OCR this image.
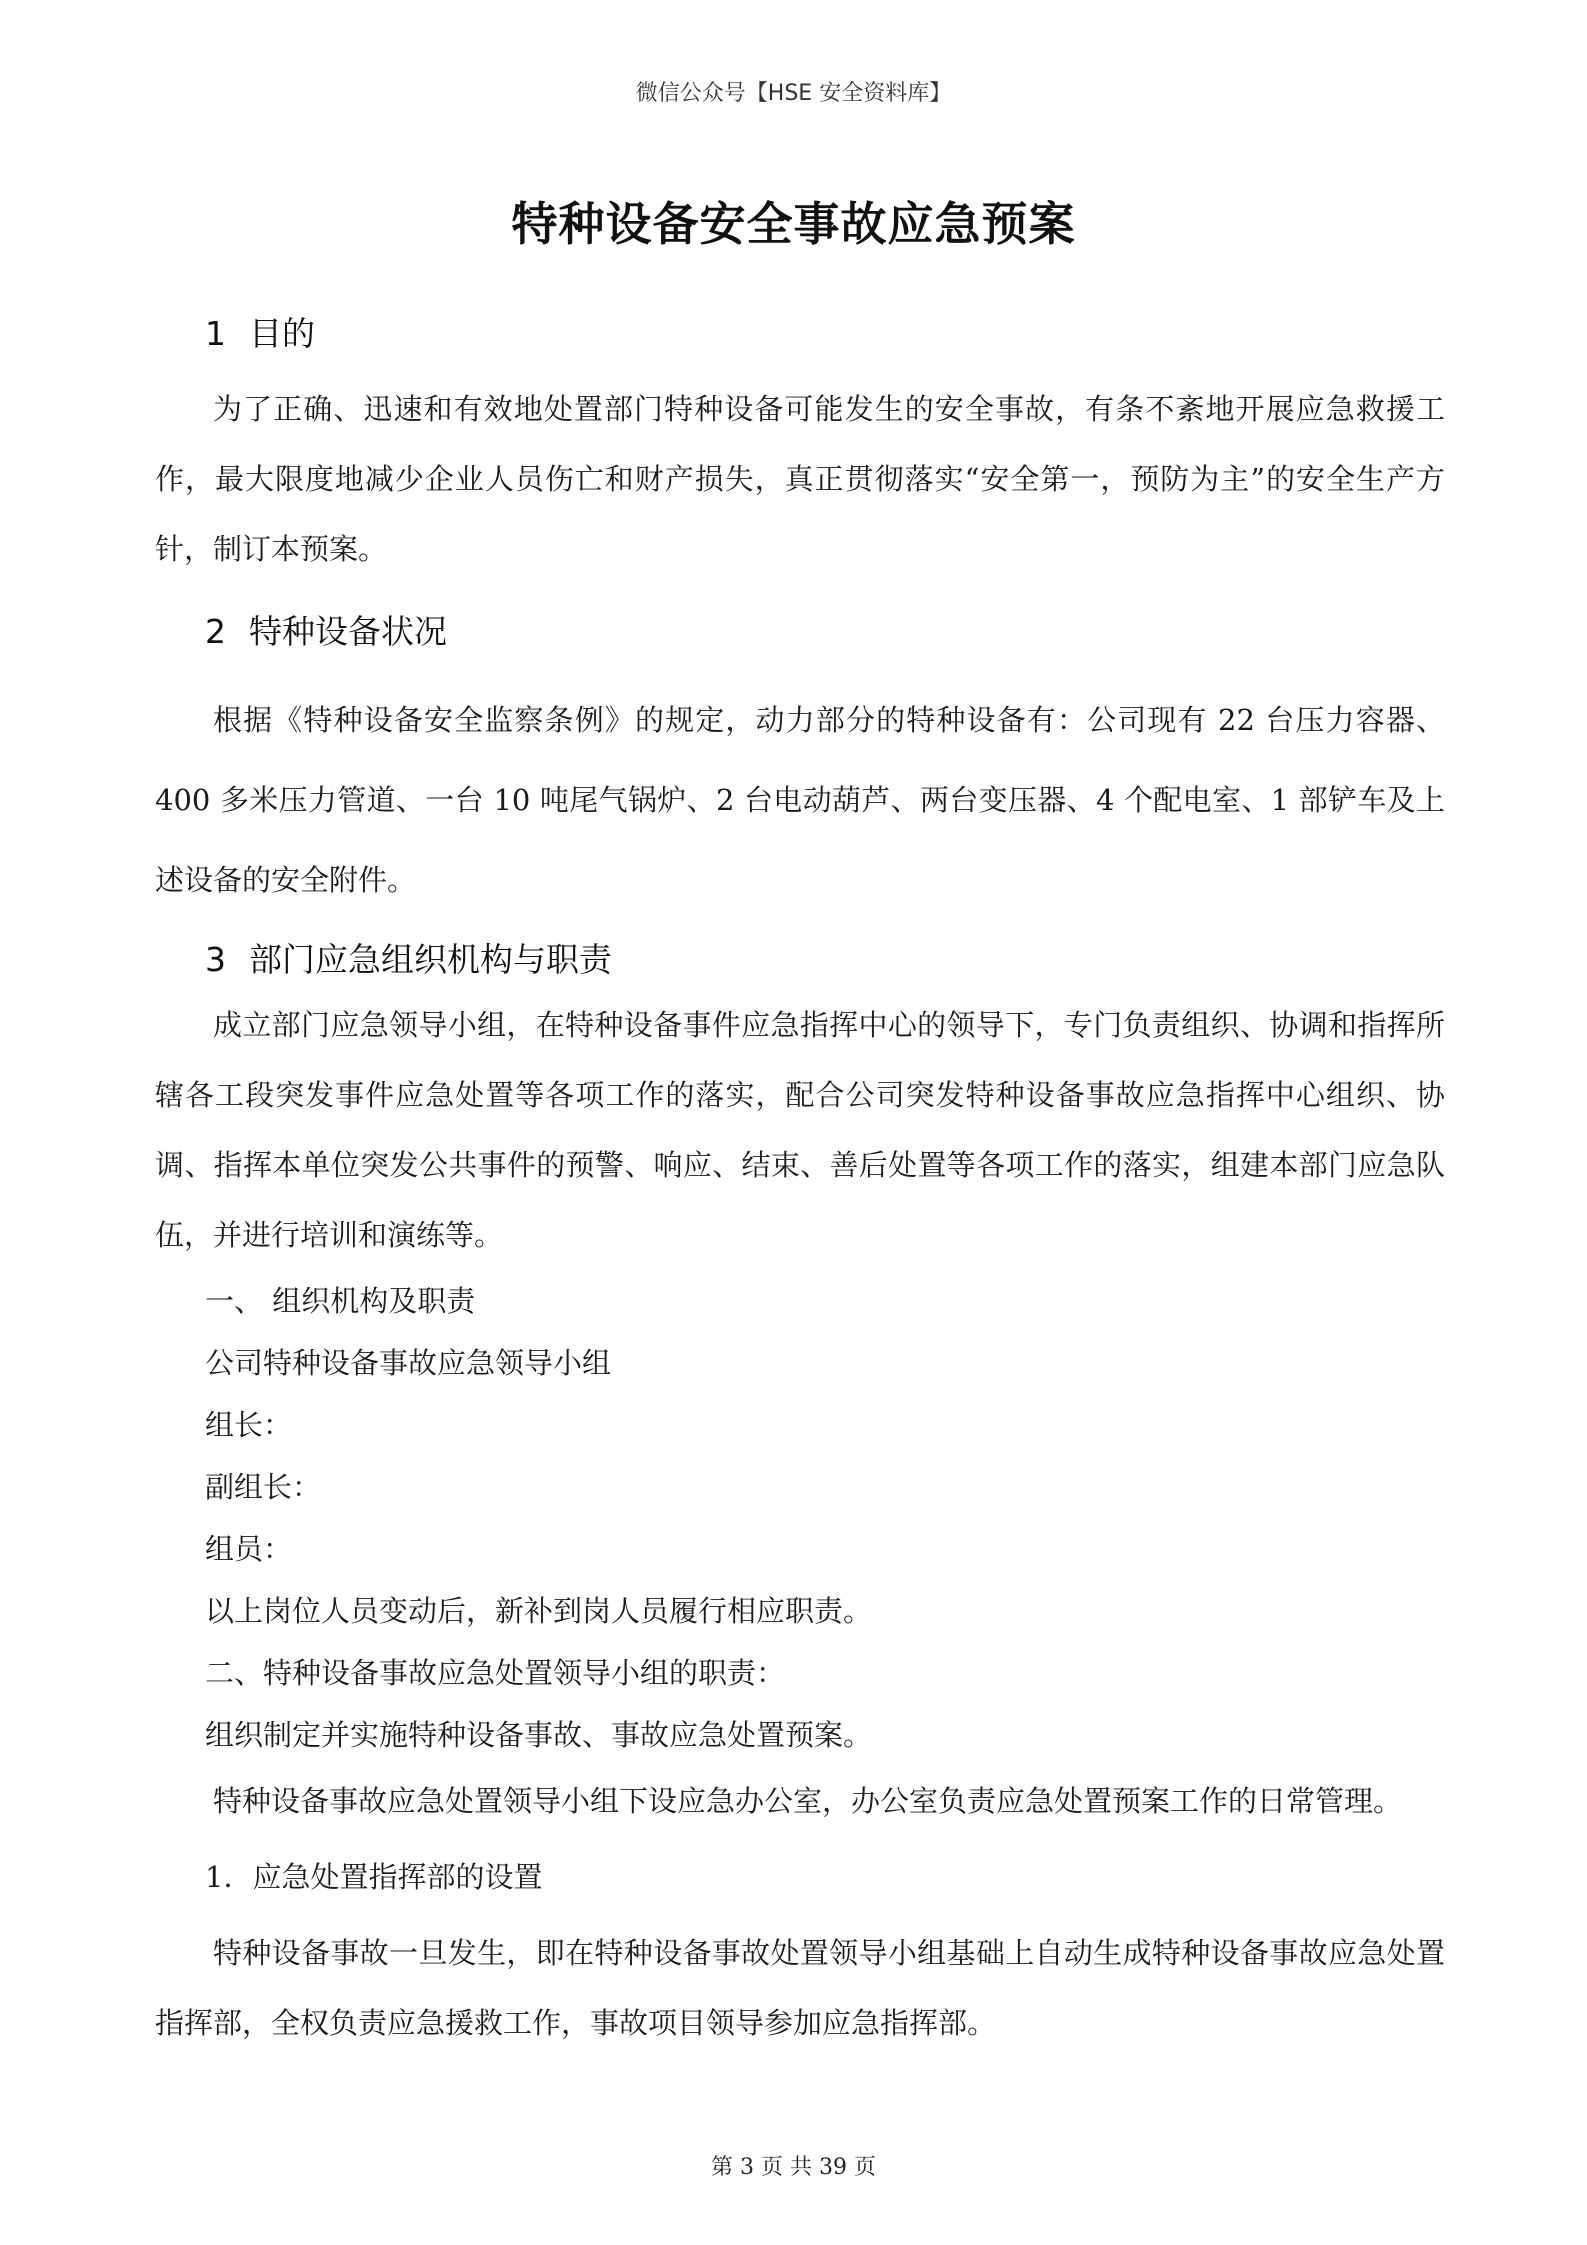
微信公众号【HSE 安全资料库】
特种设备安全事故应急预案
1 目的

为了正确、迅速和有效地处置部门特种设备可能发生的安全事故，有条不紊地开展应急救援工作，最大限度地减少企业人员伤亡和财产损失，真正贯彻落实“安全第一，预防为主”的安全生产方针，制订本预案。

2 特种设备状况

根据《特种设备安全监察条例》的规定，动力部分的特种设备有：公司现有 22 台压力容器、400 多米压力管道、一台 10 吨尾气锅炉、2 台电动葫芦、两台变压器、4 个配电室、1 部铲车及上述设备的安全附件。

3 部门应急组织机构与职责

成立部门应急领导小组，在特种设备事件应急指挥中心的领导下，专门负责组织、协调和指挥所辖各工段突发事件应急处置等各项工作的落实，配合公司突发特种设备事故应急指挥中心组织、协调、指挥本单位突发公共事件的预警、响应、结束、善后处置等各项工作的落实，组建本部门应急队伍，并进行培训和演练等。

一、 组织机构及职责
公司特种设备事故应急领导小组
组长：
副组长：
组员：
以上岗位人员变动后，新补到岗人员履行相应职责。
二、特种设备事故应急处置领导小组的职责：
组织制定并实施特种设备事故、事故应急处置预案。

特种设备事故应急处置领导小组下设应急办公室，办公室负责应急处置预案工作的日常管理。

1．应急处置指挥部的设置

特种设备事故一旦发生，即在特种设备事故处置领导小组基础上自动生成特种设备事故应急处置指挥部，全权负责应急援救工作，事故项目领导参加应急指挥部。

第 3 页 共 39 页
